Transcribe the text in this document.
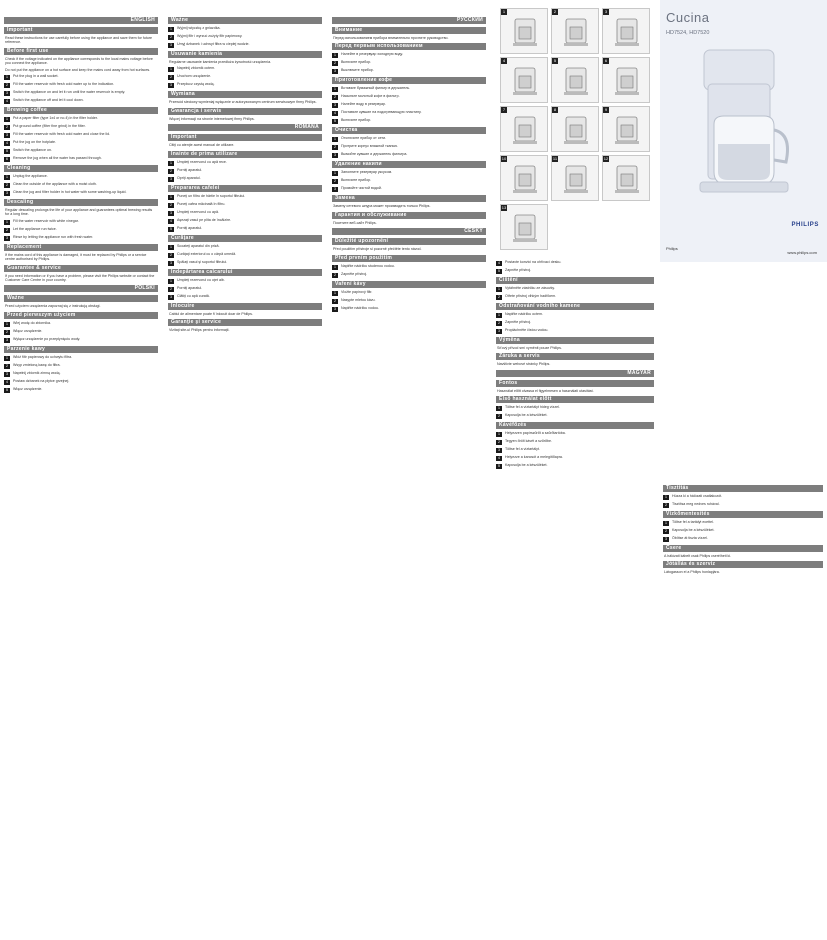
Cucina
HD7524, HD7520
PHILIPS
Philips
www.philips.com
1	2	3
4	5	6
7	8	9
10	11	12
13
ENGLISH
Important
Read these instructions for use carefully before using the appliance and save them for future reference.
Before first use
Check if the voltage indicated on the appliance corresponds to the local mains voltage before you connect the appliance.
Do not put the appliance on a hot surface and keep the mains cord away from hot surfaces.
1	Put the plug in a wall socket.
2	Fill the water reservoir with fresh cold water up to the indication.
3	Switch the appliance on and let it run until the water reservoir is empty.
4	Switch the appliance off and let it cool down.
Brewing coffee
1	Put a paper filter (type 1x4 or no.4) in the filter holder.
2	Put ground coffee (filter fine grind) in the filter.
3	Fill the water reservoir with fresh cold water and close the lid.
4	Put the jug on the hotplate.
5	Switch the appliance on.
6	Remove the jug when all the water has passed through.
Cleaning
1	Unplug the appliance.
2	Clean the outside of the appliance with a moist cloth.
3	Clean the jug and filter holder in hot water with some washing-up liquid.
Descaling
Regular descaling prolongs the life of your appliance and guarantees optimal brewing results for a long time.
1	Fill the water reservoir with white vinegar.
2	Let the appliance run twice.
3	Rinse by letting the appliance run with fresh water.
Replacement
If the mains cord of this appliance is damaged, it must be replaced by Philips or a service centre authorised by Philips.
Guarantee & service
If you need information or if you have a problem, please visit the Philips website or contact the Customer Care Centre in your country.
POLSKI
Ważne
Przed użyciem urządzenia zapoznaj się z instrukcją obsługi.
Przed pierwszym użyciem
1	Wlej wodę do zbiornika.
2	Włącz urządzenie.
3	Wyłącz urządzenie po przepłynięciu wody.
Parzenie kawy
1	Włóż filtr papierowy do uchwytu filtra.
2	Wsyp zmieloną kawę do filtra.
3	Napełnij zbiornik zimną wodą.
4	Postaw dzbanek na płytce grzejnej.
5	Włącz urządzenie.
Ważne
1	Wyjmij wtyczkę z gniazdka.
2	Wyjmij filtr i wyrzuć zużyty filtr papierowy.
3	Umyj dzbanek i uchwyt filtra w ciepłej wodzie.
Usuwanie kamienia
Regularne usuwanie kamienia przedłuża żywotność urządzenia.
1	Napełnij zbiornik octem.
2	Uruchom urządzenie.
3	Przepłucz czystą wodą.
Wymiana
Przewód sieciowy wymieniaj wyłącznie w autoryzowanym centrum serwisowym firmy Philips.
Gwarancja i serwis
Więcej informacji na stronie internetowej firmy Philips.
ROMÂNĂ
Important
Citiţi cu atenţie acest manual de utilizare.
Înainte de prima utilizare
1	Umpleţi rezervorul cu apă rece.
2	Porniţi aparatul.
3	Opriţi aparatul.
Prepararea cafelei
1	Puneţi un filtru de hârtie în suportul filtrului.
2	Puneţi cafea măcinată în filtru.
3	Umpleţi rezervorul cu apă.
4	Aşezaţi vasul pe plita de încălzire.
5	Porniţi aparatul.
Curăţare
1	Scoateţi aparatul din priză.
2	Curăţaţi exteriorul cu o cârpă umedă.
3	Spălaţi vasul şi suportul filtrului.
Îndepărtarea calcarului
1	Umpleţi rezervorul cu oţet alb.
2	Porniţi aparatul.
3	Clătiţi cu apă curată.
Înlocuire
Cablul de alimentare poate fi înlocuit doar de Philips.
Garanţie şi service
Vizitaţi site-ul Philips pentru informaţii.
РУССКИЙ
Внимание
Перед использованием прибора внимательно прочтите руководство.
Перед первым использованием
1	Налейте в резервуар холодную воду.
2	Включите прибор.
3	Выключите прибор.
Приготовление кофе
1	Вставьте бумажный фильтр в держатель.
2	Насыпьте молотый кофе в фильтр.
3	Налейте воду в резервуар.
4	Поставьте кувшин на подогревающую пластину.
5	Включите прибор.
Очистка
1	Отключите прибор от сети.
2	Протрите корпус влажной тканью.
3	Вымойте кувшин и держатель фильтра.
Удаление накипи
1	Заполните резервуар уксусом.
2	Включите прибор.
3	Промойте чистой водой.
Замена
Замену сетевого шнура может производить только Philips.
Гарантия и обслуживание
Посетите веб-сайт Philips.
ČESKY
Důležité upozornění
Před použitím přístroje si pozorně přečtěte tento návod.
Před prvním použitím
1	Naplňte nádržku studenou vodou.
2	Zapněte přístroj.
Vaření kávy
1	Vložte papírový filtr.
2	Nasypte mletou kávu.
3	Naplňte nádržku vodou.
4	Postavte konvici na ohřívací desku.
5	Zapněte přístroj.
Čištění
1	Vytáhněte zástrčku ze zásuvky.
2	Otřete přístroj vlhkým hadříkem.
Odstraňování vodního kamene
1	Naplňte nádržku octem.
2	Zapněte přístroj.
3	Propláchněte čistou vodou.
Výměna
Síťový přívod smí vyměnit pouze Philips.
Záruka a servis
Navštivte webové stránky Philips.
MAGYAR
Fontos
Használat előtt olvassa el figyelmesen a használati utasítást.
Első használat előtt
1	Töltse fel a víztartályt hideg vízzel.
2	Kapcsolja be a készüléket.
Kávéfőzés
1	Helyezzen papírszűrőt a szűrőtartóba.
2	Tegyen őrölt kávét a szűrőbe.
3	Töltse fel a víztartályt.
4	Helyezze a kancsót a melegítőlapra.
5	Kapcsolja be a készüléket.
Tisztítás
1	Húzza ki a hálózati csatlakozót.
2	Tisztítsa meg nedves ruhával.
Vízkőmentesítés
1	Töltse fel a tartályt ecettel.
2	Kapcsolja be a készüléket.
3	Öblítse át tiszta vízzel.
Csere
A hálózati kábelt csak Philips cserélheti ki.
Jótállás és szerviz
Látogasson el a Philips honlapjára.
